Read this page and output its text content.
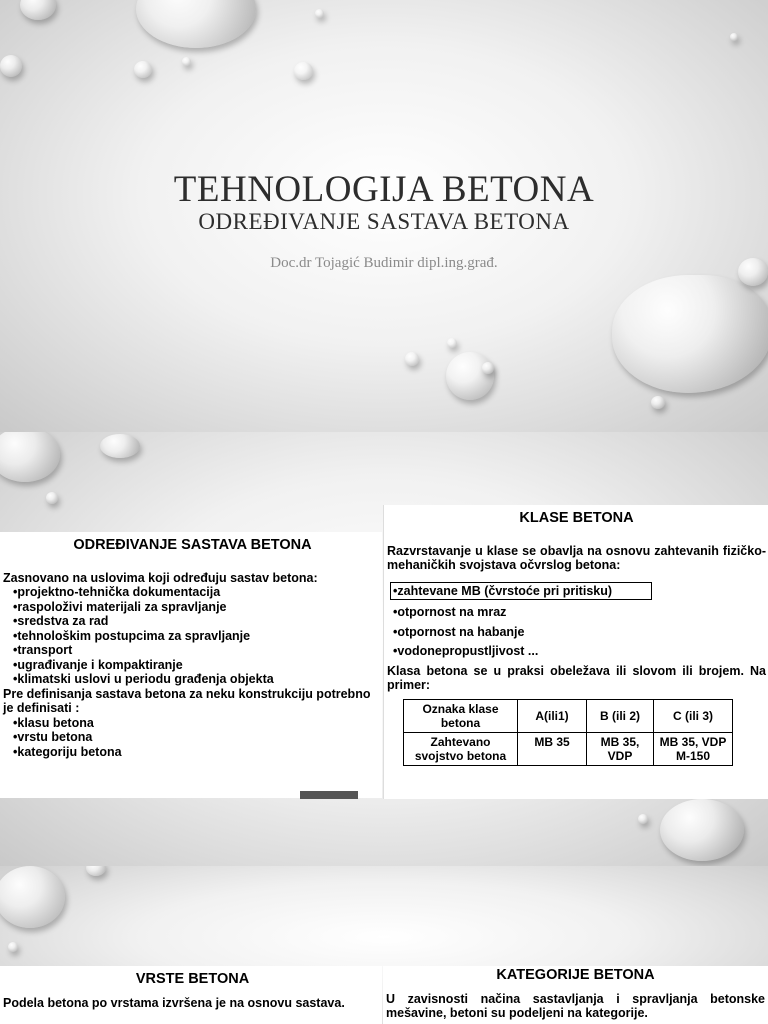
TEHNOLOGIJA BETONA
ODREĐIVANJE SASTAVA BETONA
Doc.dr Tojagić Budimir dipl.ing.građ.
ODREĐIVANJE SASTAVA BETONA
Zasnovano na uslovima koji određuju sastav betona:
•projektno-tehnička dokumentacija
•raspoloživi materijali za spravljanje
•sredstva za rad
•tehnološkim postupcima za spravljanje
•transport
•ugrađivanje i kompaktiranje
•klimatski uslovi u periodu građenja objekta
Pre definisanja sastava betona za neku konstrukciju potrebno je definisati :
•klasu betona
•vrstu betona
•kategoriju betona
KLASE BETONA

Razvrstavanje u klase se obavlja na osnovu zahtevanih fizičko-mehaničkih svojstava očvrslog betona:

•zahtevane MB (čvrstoće pri pritisku)
•otpornost na mraz
•otpornost na habanje
•vodonepropustljivost ...

Klasa betona se u praksi obeležava ili slovom ili brojem. Na primer:

Oznaka klase betona	A(ili1)	B (ili 2)	C (ili 3)
Zahtevano svojstvo betona	MB 35	MB 35, VDP	MB 35, VDP M-150
VRSTE BETONA

Podela betona po vrstama izvršena je na osnovu sastava.

KATEGORIJE BETONA

U zavisnosti načina sastavljanja i spravljanja betonske mešavine, betoni su podeljeni na kategorije.
